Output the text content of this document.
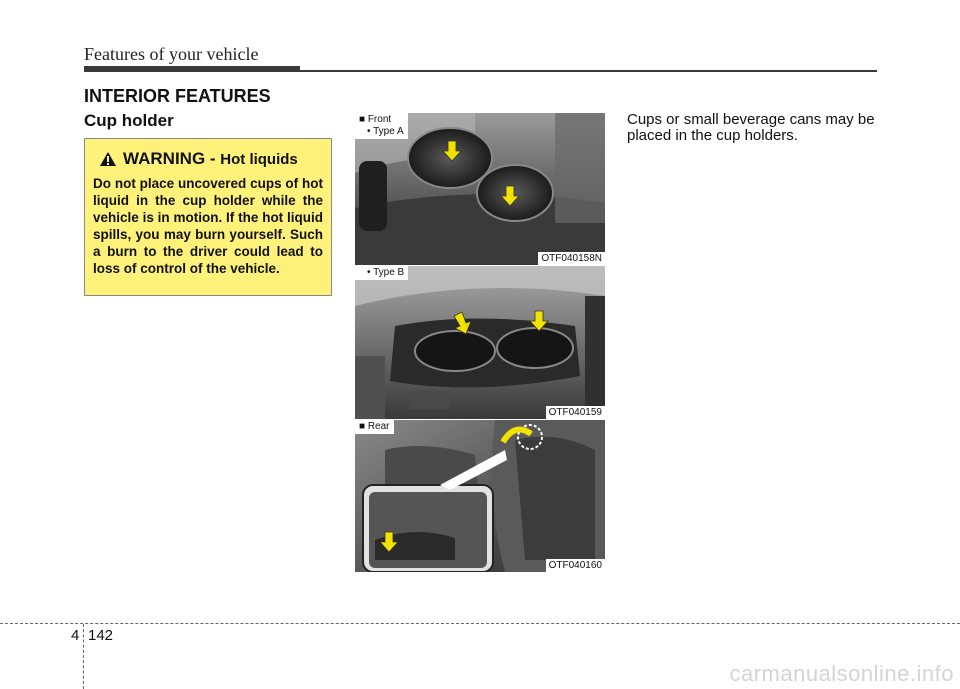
Features of your vehicle
INTERIOR FEATURES
Cup holder
WARNING - Hot liquids
Do not place uncovered cups of hot liquid in the cup holder while the vehicle is in motion. If the hot liquid spills, you may burn yourself. Such a burn to the driver could lead to loss of control of the vehicle.
■ Front
• Type A
OTF040158N
• Type B
OTF040159
■ Rear
OTF040160
Cups or small beverage cans may be placed in the cup holders.
4 142
carmanualsonline.info
